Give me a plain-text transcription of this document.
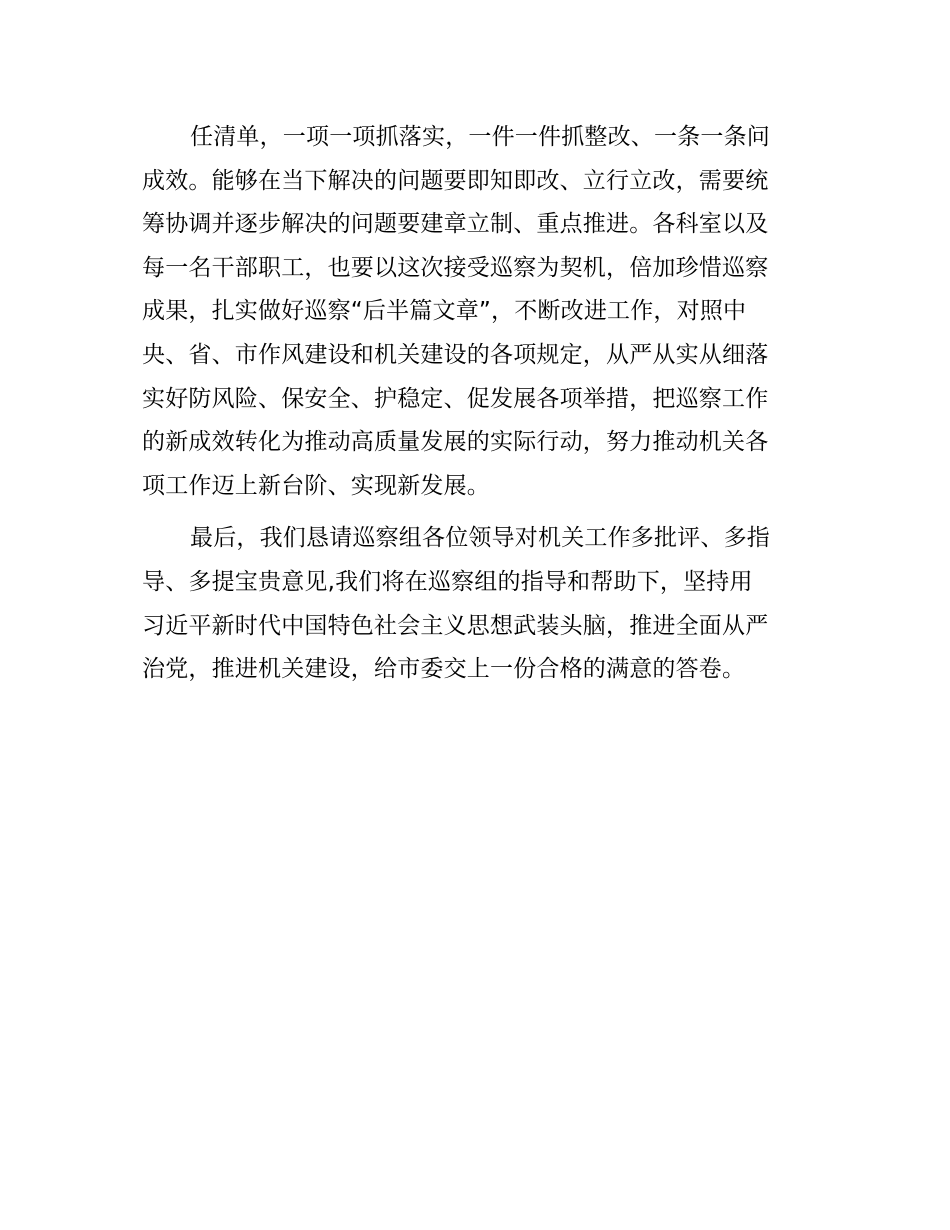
任清单，一项一项抓落实，一件一件抓整改、一条一条问
成效。能够在当下解决的问题要即知即改、立行立改，需要统
筹协调并逐步解决的问题要建章立制、重点推进。各科室以及
每一名干部职工，也要以这次接受巡察为契机，倍加珍惜巡察
成果，扎实做好巡察“后半篇文章”，不断改进工作，对照中
央、省、市作风建设和机关建设的各项规定，从严从实从细落
实好防风险、保安全、护稳定、促发展各项举措，把巡察工作
的新成效转化为推动高质量发展的实际行动，努力推动机关各
项工作迈上新台阶、实现新发展。

最后，我们恳请巡察组各位领导对机关工作多批评、多指
导、多提宝贵意见,我们将在巡察组的指导和帮助下，坚持用
习近平新时代中国特色社会主义思想武装头脑，推进全面从严
治党，推进机关建设，给市委交上一份合格的满意的答卷。
